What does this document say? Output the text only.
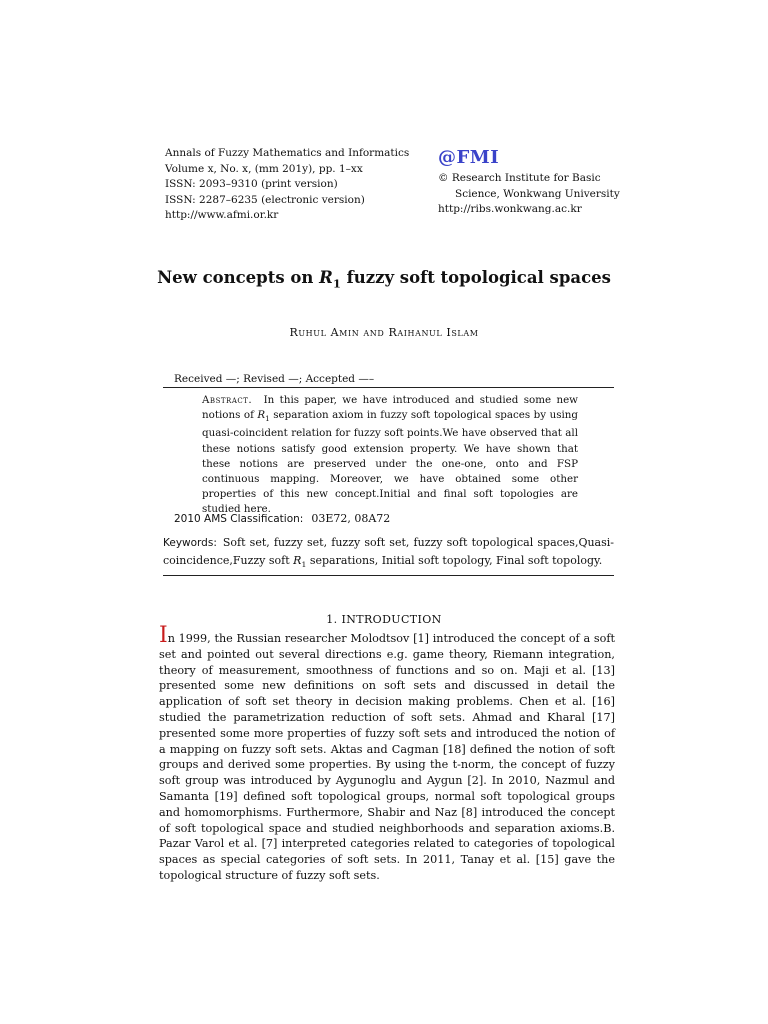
Annals of Fuzzy Mathematics and Informatics
Volume x, No. x, (mm 201y), pp. 1–xx
ISSN: 2093–9310 (print version)
ISSN: 2287–6235 (electronic version)
http://www.afmi.or.kr
@FMI
© Research Institute for Basic
Science, Wonkwang University
http://ribs.wonkwang.ac.kr
New concepts on $R_1$ fuzzy soft topological spaces
Ruhul Amin and Raihanul Islam
Received —; Revised —; Accepted —–
Abstract. In this paper, we have introduced and studied some new notions of $R_1$ separation axiom in fuzzy soft topological spaces by using quasi-coincident relation for fuzzy soft points.We have observed that all these notions satisfy good extension property. We have shown that these notions are preserved under the one-one, onto and FSP continuous mapping. Moreover, we have obtained some other properties of this new concept.Initial and final soft topologies are studied here.
2010 AMS Classification: 03E72, 08A72
Keywords: Soft set, fuzzy set, fuzzy soft set, fuzzy soft topological spaces,Quasi-coincidence,Fuzzy soft $R_1$ separations, Initial soft topology, Final soft topology.
1. INTRODUCTION
In 1999, the Russian researcher Molodtsov [1] introduced the concept of a soft set and pointed out several directions e.g. game theory, Riemann integration, theory of measurement, smoothness of functions and so on. Maji et al. [13] presented some new definitions on soft sets and discussed in detail the application of soft set theory in decision making problems. Chen et al. [16] studied the parametrization reduction of soft sets. Ahmad and Kharal [17] presented some more properties of fuzzy soft sets and introduced the notion of a mapping on fuzzy soft sets. Aktas and Cagman [18] defined the notion of soft groups and derived some properties. By using the t-norm, the concept of fuzzy soft group was introduced by Aygunoglu and Aygun [2]. In 2010, Nazmul and Samanta [19] defined soft topological groups, normal soft topological groups and homomorphisms. Furthermore, Shabir and Naz [8] introduced the concept of soft topological space and studied neighborhoods and separation axioms.B. Pazar Varol et al. [7] interpreted categories related to categories of topological spaces as special categories of soft sets. In 2011, Tanay et al. [15] gave the topological structure of fuzzy soft sets.
